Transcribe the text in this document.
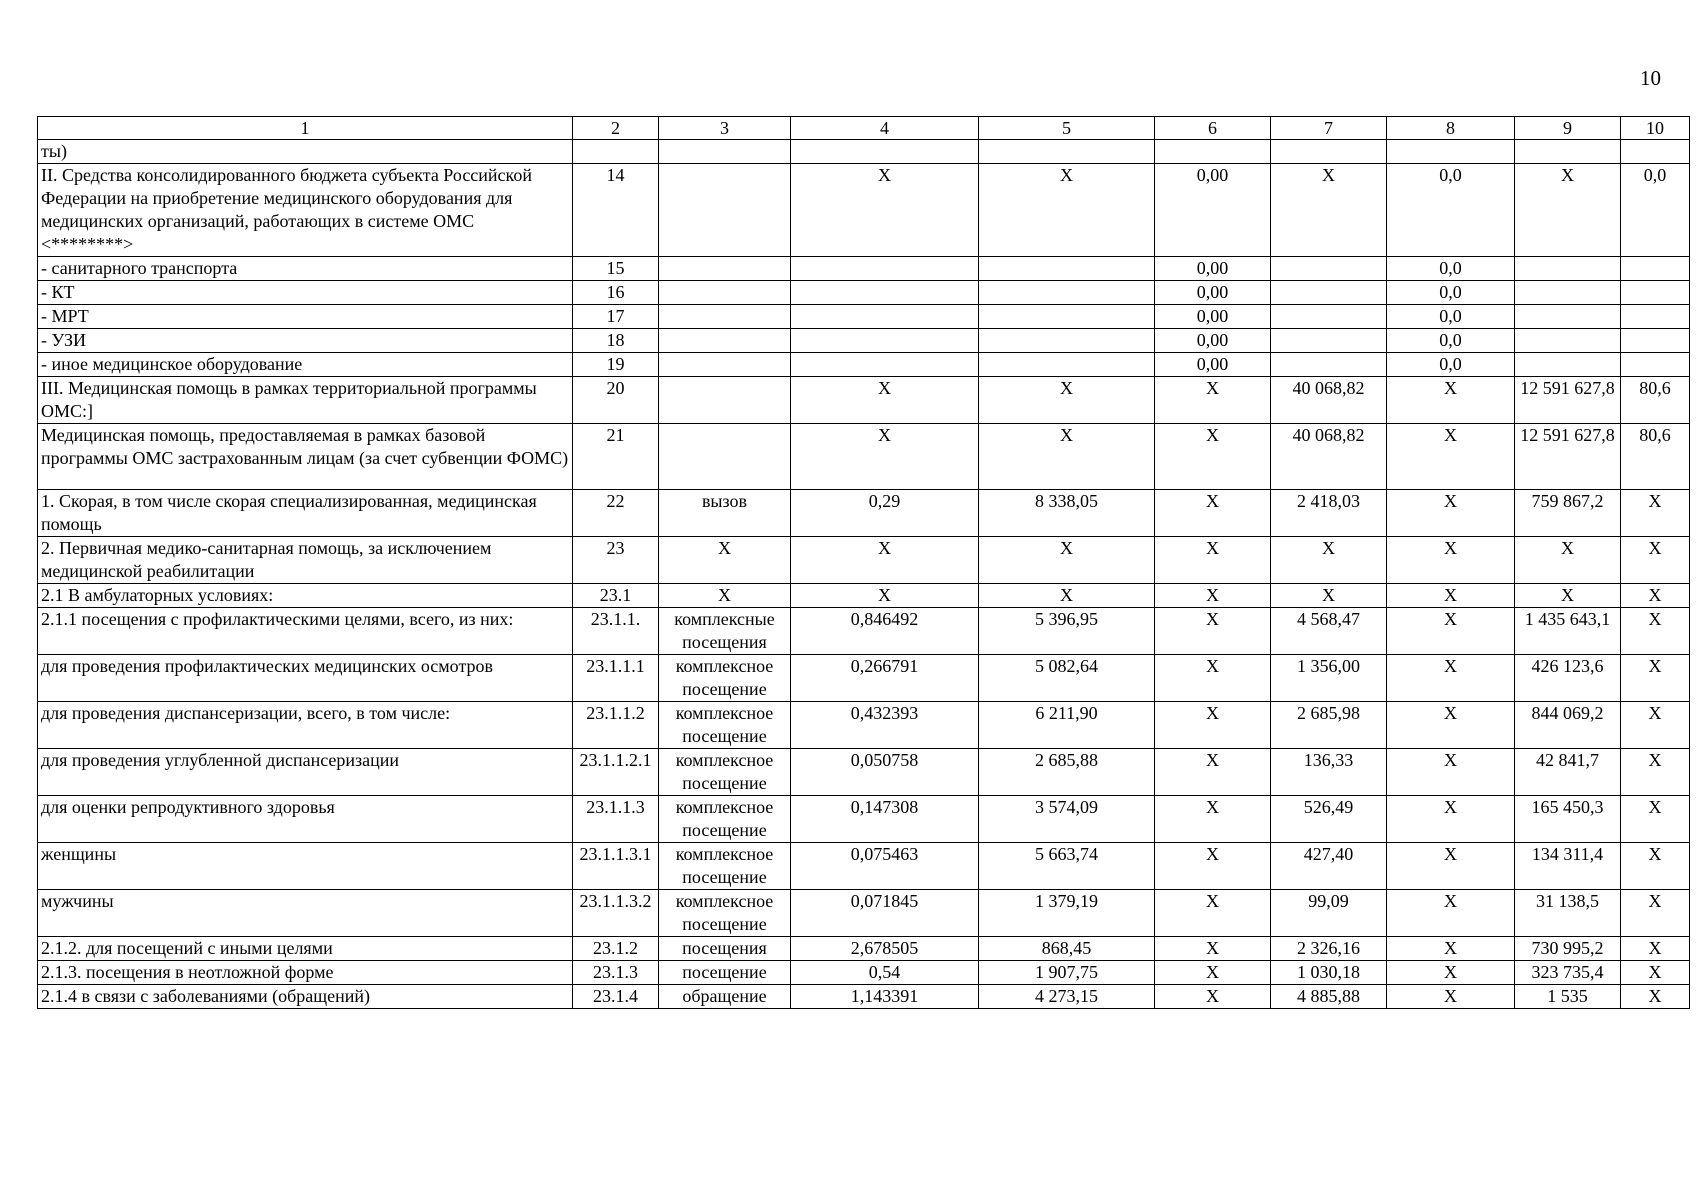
10
1	2	3	4	5	6	7	8	9	10
ты)									
II. Средства консолидированного бюджета субъекта Российской Федерации на приобретение медицинского оборудования для медицинских организаций, работающих в системе ОМС <********>	14		X	X	0,00	X	0,0	X	0,0
- санитарного транспорта	15				0,00		0,0		
- КТ	16				0,00		0,0		
- МРТ	17				0,00		0,0		
- УЗИ	18				0,00		0,0		
- иное медицинское оборудование	19				0,00		0,0		
III. Медицинская помощь в рамках территориальной программы ОМС:]	20		X	X	X	40 068,82	X	12 591 627,8	80,6
Медицинская помощь, предоставляемая в рамках базовой программы ОМС застрахованным лицам (за счет субвенции ФОМС)	21		X	X	X	40 068,82	X	12 591 627,8	80,6
1. Скорая, в том числе скорая специализированная, медицинская помощь	22	вызов	0,29	8 338,05	X	2 418,03	X	759 867,2	X
2. Первичная медико-санитарная помощь, за исключением медицинской реабилитации	23	X	X	X	X	X	X	X	X
2.1 В амбулаторных условиях:	23.1	X	X	X	X	X	X	X	X
2.1.1 посещения с профилактическими целями, всего, из них:	23.1.1.	комплексные посещения	0,846492	5 396,95	X	4 568,47	X	1 435 643,1	X
для проведения профилактических медицинских осмотров	23.1.1.1	комплексное посещение	0,266791	5 082,64	X	1 356,00	X	426 123,6	X
для проведения диспансеризации, всего, в том числе:	23.1.1.2	комплексное посещение	0,432393	6 211,90	X	2 685,98	X	844 069,2	X
для проведения углубленной диспансеризации	23.1.1.2.1	комплексное посещение	0,050758	2 685,88	X	136,33	X	42 841,7	X
для оценки репродуктивного здоровья	23.1.1.3	комплексное посещение	0,147308	3 574,09	X	526,49	X	165 450,3	X
женщины	23.1.1.3.1	комплексное посещение	0,075463	5 663,74	X	427,40	X	134 311,4	X
мужчины	23.1.1.3.2	комплексное посещение	0,071845	1 379,19	X	99,09	X	31 138,5	X
2.1.2. для посещений с иными целями	23.1.2	посещения	2,678505	868,45	X	2 326,16	X	730 995,2	X
2.1.3. посещения в неотложной форме	23.1.3	посещение	0,54	1 907,75	X	1 030,18	X	323 735,4	X
2.1.4 в связи с заболеваниями (обращений)	23.1.4	обращение	1,143391	4 273,15	X	4 885,88	X	1 535	X
